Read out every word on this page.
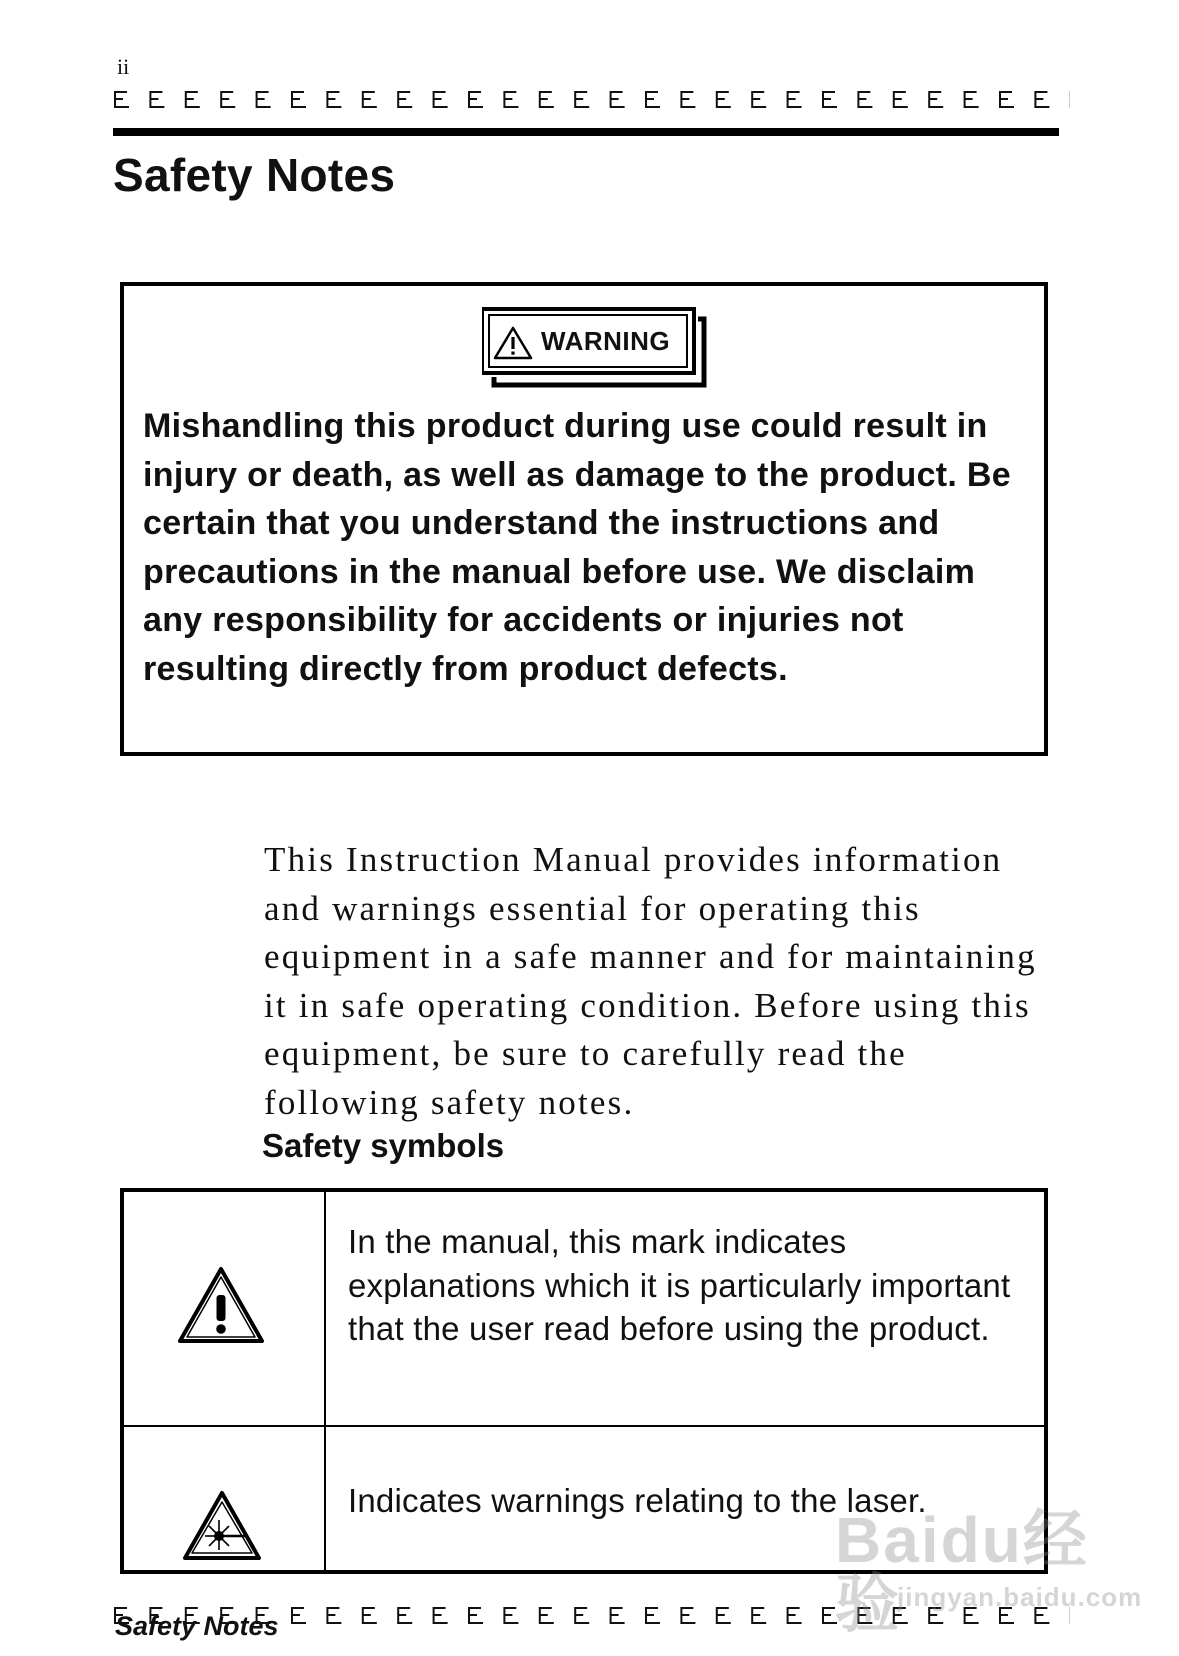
ii
Safety Notes
WARNING

Mishandling this product during use could result in injury or death, as well as damage to the product. Be certain that you understand the instructions and precautions in the manual before use. We disclaim any responsibility for accidents or injuries not resulting directly from product defects.

This Instruction Manual provides information and warnings essential for operating this equipment in a safe manner and for maintaining it in safe operating condition. Before using this equipment, be sure to carefully read the following safety notes.

Safety symbols

In the manual, this mark indicates explanations which it is particularly important that the user read before using the product.

Indicates warnings relating to the laser.

Safety Notes

Baidu经验
jingyan.baidu.com
